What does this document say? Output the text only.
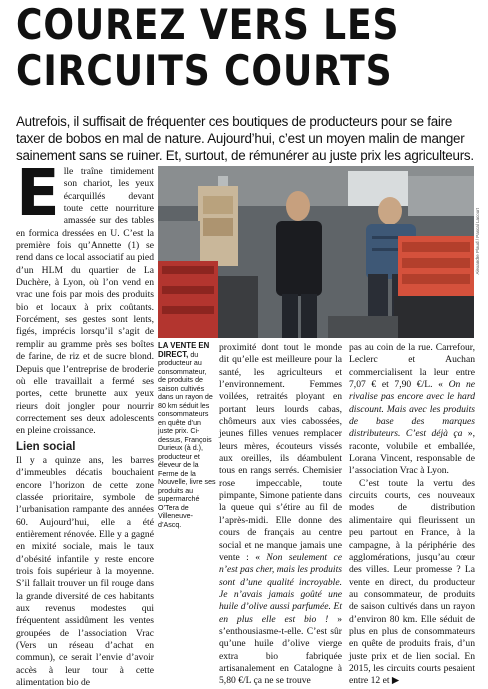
COUREZ VERS LES
CIRCUITS COURTS

Autrefois, il suffisait de fréquenter ces boutiques de producteurs pour se faire taxer de bobos en mal de nature. Aujourd’hui, c’est un moyen malin de manger sainement sans se ruiner. Et, surtout, de rémunérer au juste prix les agriculteurs.

Elle traîne timidement son chariot, les yeux écarquillés devant toute cette nourriture amassée sur des tables en formica dressées en U. C’est la première fois qu’Annette (1) se rend dans ce local associatif au pied d’un HLM du quartier de La Duchère, à Lyon, où l’on vend en vrac une fois par mois des produits bio et locaux à prix coûtants. Forcément, ses gestes sont lents, figés, imprécis lorsqu’il s’agit de remplir au gramme près ses boîtes de farine, de riz et de sucre blond. Depuis que l’entreprise de broderie où elle travaillait a fermé ses portes, cette brunette aux yeux rieurs doit jongler pour nourrir correctement ses deux adolescents en pleine croissance.

Lien social

Il y a quinze ans, les barres d’immeubles décatis bouchaient encore l’horizon de cette zone classée prioritaire, symbole de l’urbanisation rampante des années 60. Aujourd’hui, elle a été entièrement rénovée. Elle y a gagné en mixité sociale, mais le taux d’obésité infantile y reste encore trois fois supérieur à la moyenne. S’il fallait trouver un fil rouge dans la grande diversité de ces habitants aux revenus modestes qui fréquentent assidûment les ventes groupées de l’association Vrac (Vers un réseau d’achat en commun), ce serait l’envie d’avoir accès à leur tour à cette alimentation bio de

Alexandre Plaud / Pascal Lacourt
LA VENTE EN DIRECT, du producteur au consommateur, de produits de saison cultivés dans un rayon de 80 km séduit les consommateurs en quête d’un juste prix. Ci-dessus, François Durieux (à d.), producteur et éleveur de la Ferme de la Nouvelle, livre ses produits au supermarché O’Tera de Villeneuve-d’Ascq.

proximité dont tout le monde dit qu’elle est meilleure pour la santé, les agriculteurs et l’environnement. Femmes voilées, retraités ployant en portant leurs lourds cabas, chômeurs aux vies cabossées, jeunes filles venues remplacer leurs mères, écouteurs vissés aux oreilles, ils déambulent tous en rangs serrés. Chemisier rose impeccable, toute pimpante, Simone patiente dans la queue qui s’étire au fil de l’après-midi. Elle donne des cours de français au centre social et ne manque jamais une vente : « Non seulement ce n’est pas cher, mais les produits sont d’une qualité incroyable. Je n’avais jamais goûté une huile d’olive aussi parfumée. Et en plus elle est bio ! » s’enthousiasme-t-elle. C’est sûr qu’une huile d’olive vierge extra bio fabriquée artisanalement en Catalogne à 5,80 €/L ça ne se trouve

pas au coin de la rue. Carrefour, Leclerc et Auchan commercialisent la leur entre 7,07 € et 7,90 €/L. « On ne rivalise pas encore avec le hard discount. Mais avec les produits de base des marques distributeurs. C’est déjà ça », raconte, volubile et emballée, Lorana Vincent, responsable de l’association Vrac à Lyon.

C’est toute la vertu des circuits courts, ces nouveaux modes de distribution alimentaire qui fleurissent un peu partout en France, à la campagne, à la périphérie des agglomérations, jusqu’au cœur des villes. Leur promesse ? La vente en direct, du producteur au consommateur, de produits de saison cultivés dans un rayon d’environ 80 km. Elle séduit de plus en plus de consommateurs en quête de produits frais, d’un juste prix et de lien social. En 2015, les circuits courts pesaient entre 12 et ▶
